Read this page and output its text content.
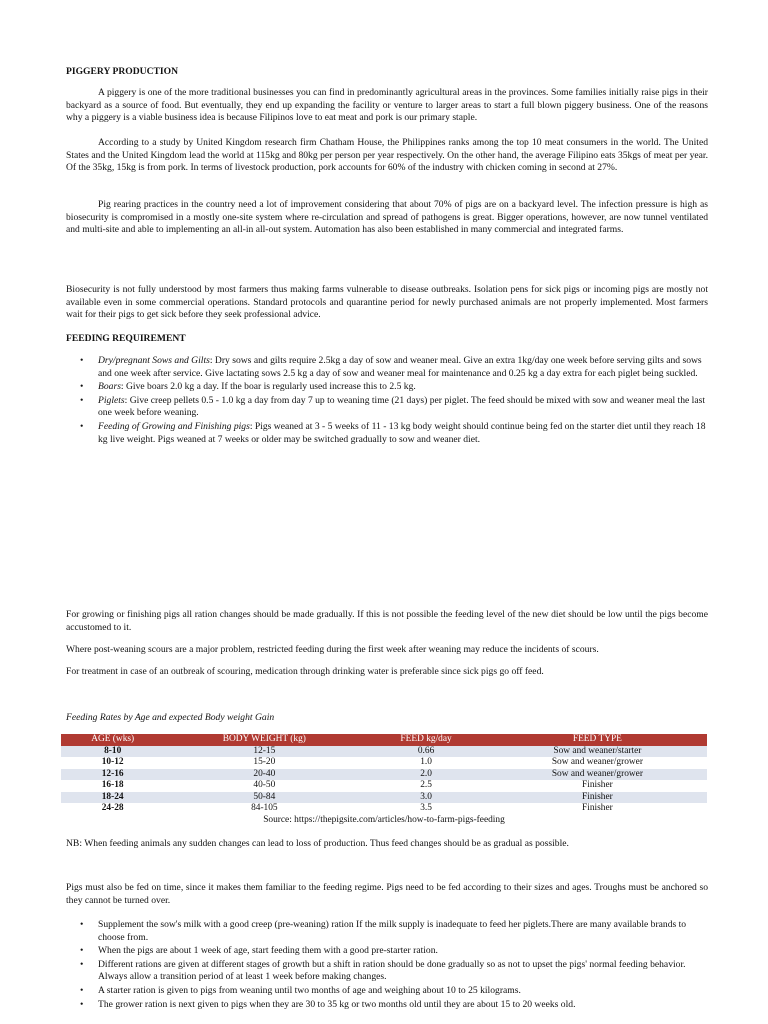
PIGGERY PRODUCTION

A piggery is one of the more traditional businesses you can find in predominantly agricultural areas in the provinces. Some families initially raise pigs in their backyard as a source of food. But eventually, they end up expanding the facility or venture to larger areas to start a full blown piggery business. One of the reasons why a piggery is a viable business idea is because Filipinos love to eat meat and pork is our primary staple.

According to a study by United Kingdom research firm Chatham House, the Philippines ranks among the top 10 meat consumers in the world. The United States and the United Kingdom lead the world at 115kg and 80kg per person per year respectively. On the other hand, the average Filipino eats 35kgs of meat per year. Of the 35kg, 15kg is from pork. In terms of livestock production, pork accounts for 60% of the industry with chicken coming in second at 27%.

Pig rearing practices in the country need a lot of improvement considering that about 70% of pigs are on a backyard level. The infection pressure is high as biosecurity is compromised in a mostly one-site system where re-circulation and spread of pathogens is great. Bigger operations, however, are now tunnel ventilated and multi-site and able to implementing an all-in all-out system. Automation has also been established in many commercial and integrated farms.

Biosecurity is not fully understood by most farmers thus making farms vulnerable to disease outbreaks. Isolation pens for sick pigs or incoming pigs are mostly not available even in some commercial operations. Standard protocols and quarantine period for newly purchased animals are not properly implemented. Most farmers wait for their pigs to get sick before they seek professional advice.

FEEDING REQUIREMENT
• Dry/pregnant Sows and Gilts: Dry sows and gilts require 2.5kg a day of sow and weaner meal. Give an extra 1kg/day one week before serving gilts and sows and one week after service. Give lactating sows 2.5 kg a day of sow and weaner meal for maintenance and 0.25 kg a day extra for each piglet being suckled.
• Boars: Give boars 2.0 kg a day. If the boar is regularly used increase this to 2.5 kg.
• Piglets: Give creep pellets 0.5 - 1.0 kg a day from day 7 up to weaning time (21 days) per piglet. The feed should be mixed with sow and weaner meal the last one week before weaning.
• Feeding of Growing and Finishing pigs: Pigs weaned at 3 - 5 weeks of 11 - 13 kg body weight should continue being fed on the starter diet until they reach 18 kg live weight. Pigs weaned at 7 weeks or older may be switched gradually to sow and weaner diet.

For growing or finishing pigs all ration changes should be made gradually. If this is not possible the feeding level of the new diet should be low until the pigs become accustomed to it.

Where post-weaning scours are a major problem, restricted feeding during the first week after weaning may reduce the incidents of scours.

For treatment in case of an outbreak of scouring, medication through drinking water is preferable since sick pigs go off feed.

Feeding Rates by Age and expected Body weight Gain
AGE (wks)	BODY WEIGHT (kg)	FEED kg/day	FEED TYPE
8-10	12-15	0.66	Sow and weaner/starter
10-12	15-20	1.0	Sow and weaner/grower
12-16	20-40	2.0	Sow and weaner/grower
16-18	40-50	2.5	Finisher
18-24	50-84	3.0	Finisher
24-28	84-105	3.5	Finisher
Source: https://thepigsite.com/articles/how-to-farm-pigs-feeding			

NB: When feeding animals any sudden changes can lead to loss of production. Thus feed changes should be as gradual as possible.

Pigs must also be fed on time, since it makes them familiar to the feeding regime. Pigs need to be fed according to their sizes and ages. Troughs must be anchored so they cannot be turned over.

• Supplement the sow's milk with a good creep (pre-weaning) ration If the milk supply is inadequate to feed her piglets.There are many available brands to choose from.
• When the pigs are about 1 week of age, start feeding them with a good pre-starter ration.
• Different rations are given at different stages of growth but a shift in ration should be done gradually so as not to upset the pigs' normal feeding behavior. Always allow a transition period of at least 1 week before making changes.
• A starter ration is given to pigs from weaning until two months of age and weighing about 10 to 25 kilograms.
• The grower ration is next given to pigs when they are 30 to 35 kg or two months old until they are about 15 to 20 weeks old.
